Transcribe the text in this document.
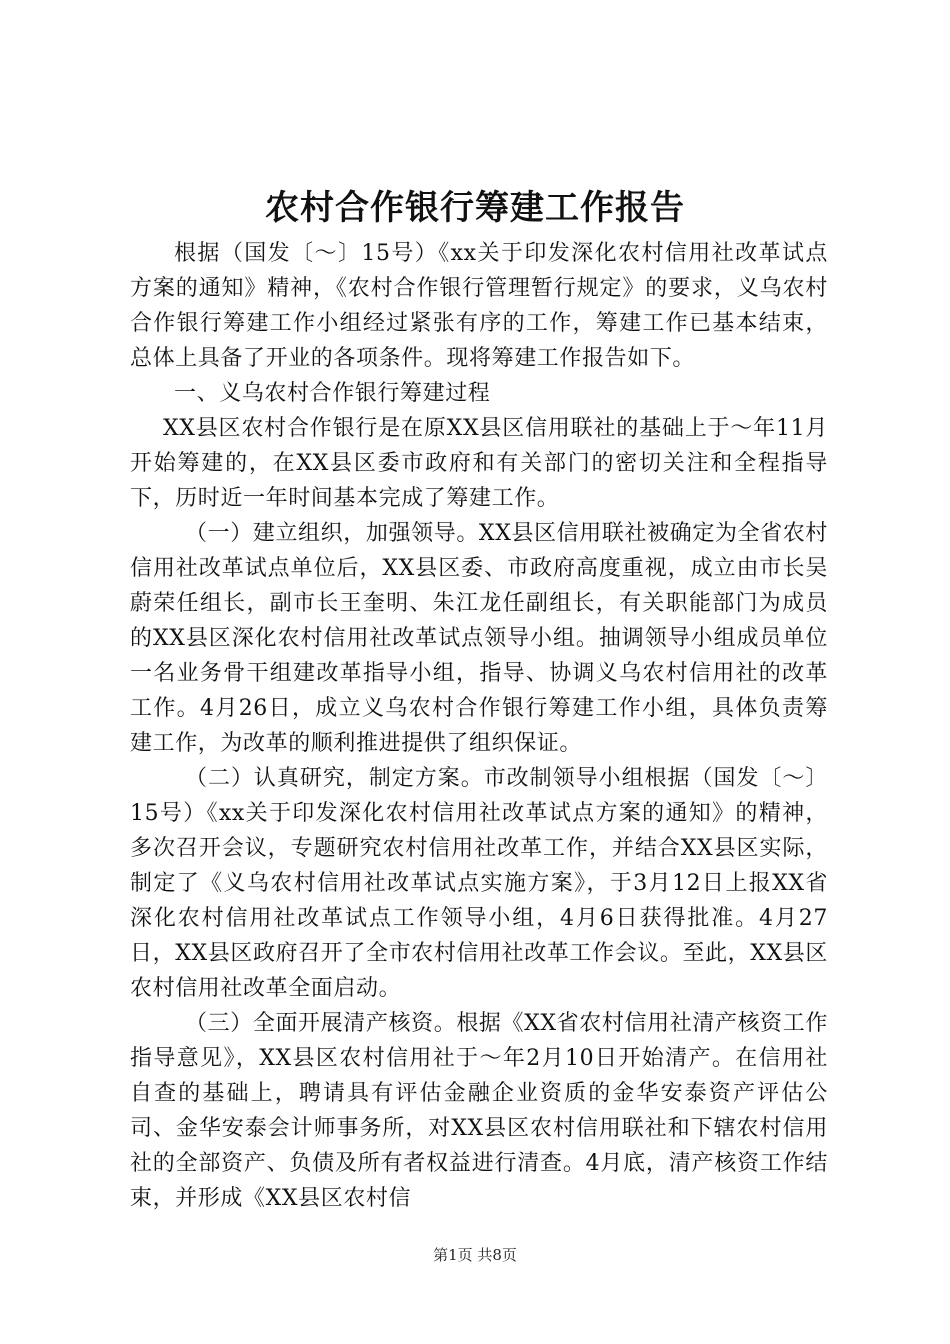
农村合作银行筹建工作报告

根据（国发〔～〕15号）《xx关于印发深化农村信用社改革试点方案的通知》精神，《农村合作银行管理暂行规定》的要求，义乌农村合作银行筹建工作小组经过紧张有序的工作，筹建工作已基本结束，总体上具备了开业的各项条件。现将筹建工作报告如下。

一、义乌农村合作银行筹建过程

XX县区农村合作银行是在原XX县区信用联社的基础上于～年11月开始筹建的，在XX县区委市政府和有关部门的密切关注和全程指导下，历时近一年时间基本完成了筹建工作。

（一）建立组织，加强领导。XX县区信用联社被确定为全省农村信用社改革试点单位后，XX县区委、市政府高度重视，成立由市长吴蔚荣任组长，副市长王奎明、朱江龙任副组长，有关职能部门为成员的XX县区深化农村信用社改革试点领导小组。抽调领导小组成员单位一名业务骨干组建改革指导小组，指导、协调义乌农村信用社的改革工作。4月26日，成立义乌农村合作银行筹建工作小组，具体负责筹建工作，为改革的顺利推进提供了组织保证。

（二）认真研究，制定方案。市改制领导小组根据（国发〔～〕15号）《xx关于印发深化农村信用社改革试点方案的通知》的精神，多次召开会议，专题研究农村信用社改革工作，并结合XX县区实际，制定了《义乌农村信用社改革试点实施方案》，于3月12日上报XX省深化农村信用社改革试点工作领导小组，4月6日获得批准。4月27日，XX县区政府召开了全市农村信用社改革工作会议。至此，XX县区农村信用社改革全面启动。

（三）全面开展清产核资。根据《XX省农村信用社清产核资工作指导意见》，XX县区农村信用社于～年2月10日开始清产。在信用社自查的基础上，聘请具有评估金融企业资质的金华安泰资产评估公司、金华安泰会计师事务所，对XX县区农村信用联社和下辖农村信用社的全部资产、负债及所有者权益进行清查。4月底，清产核资工作结束，并形成《XX县区农村信

第1页 共8页
